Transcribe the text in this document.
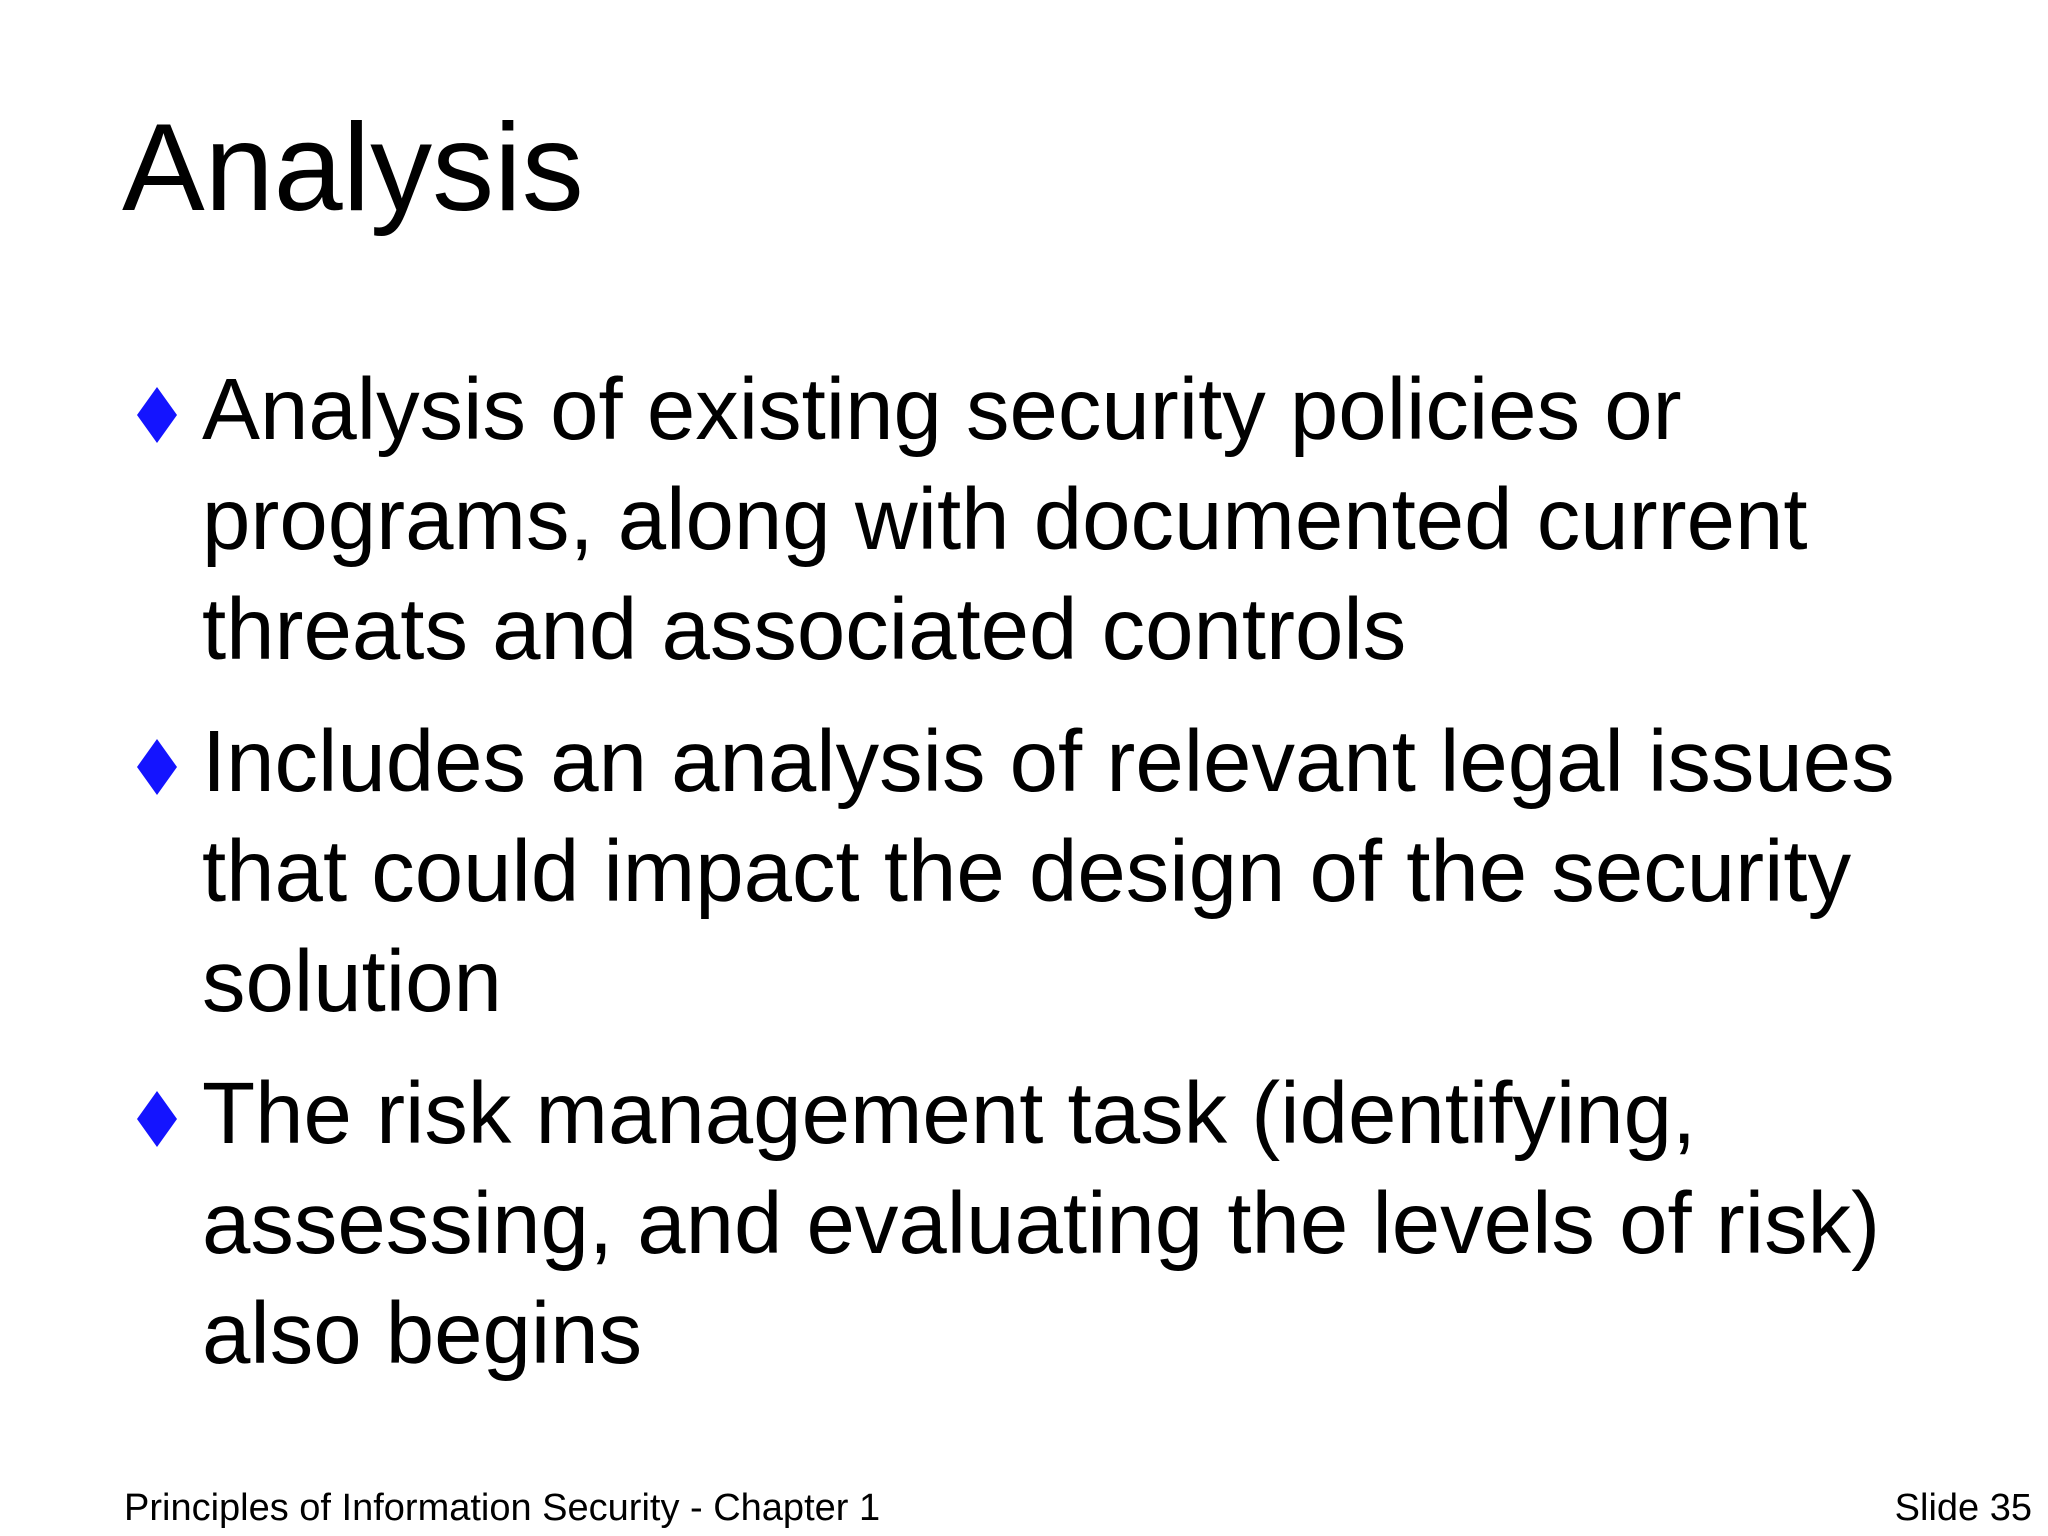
Analysis
Analysis of existing security policies or programs, along with documented current threats and associated controls
Includes an analysis of relevant legal issues that could impact the design of the security solution
The risk management task (identifying, assessing, and evaluating the levels of risk) also begins
Principles of Information Security - Chapter 1	Slide 35
